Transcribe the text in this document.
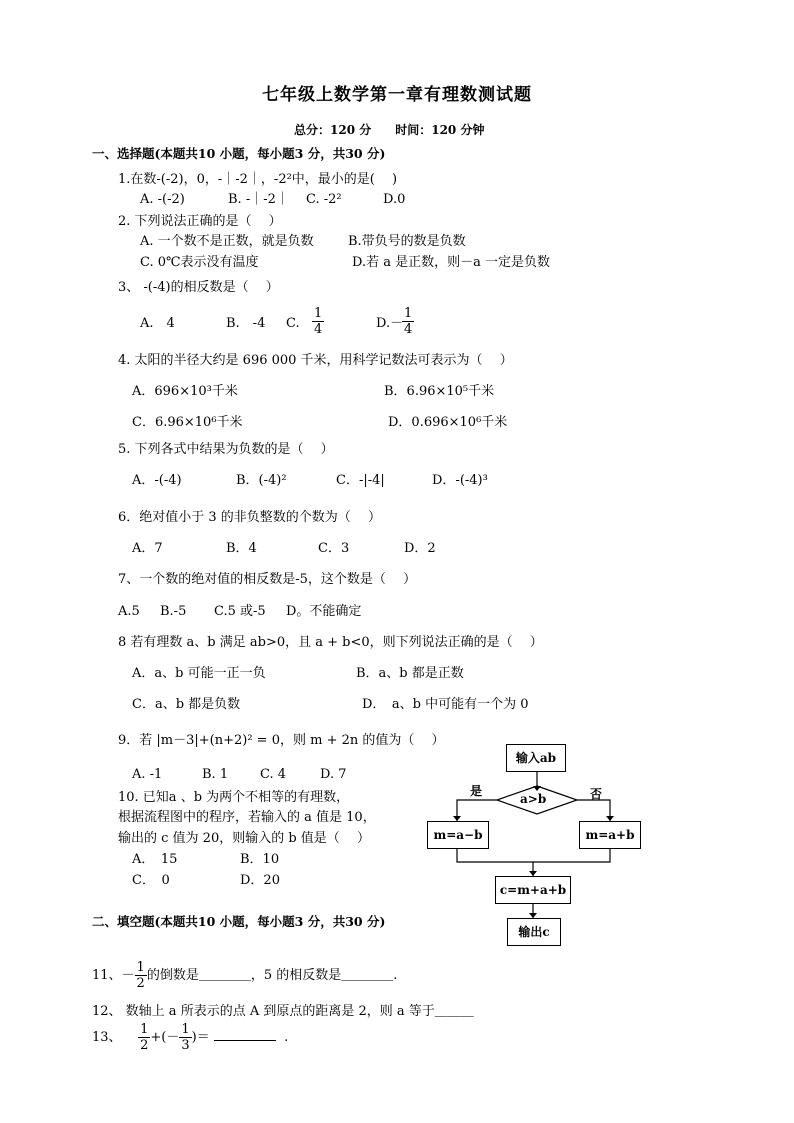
七年级上数学第一章有理数测试题
总分：120 分　　时间：120 分钟
一、选择题(本题共10 小题，每小题3 分，共30 分)
1.在数-(-2)，0，-｜-2｜，-2²中，最小的是(　 )
A. -(-2)	B. -｜-2｜ C. -2²	D.0
2. 下列说法正确的是（　 ）
A. 一个数不是正数，就是负数	B.带负号的数是负数
C. 0℃表示没有温度	D.若 a 是正数，则－a 一定是负数
3、 -(-4)的相反数是（　 ）
A.　4	B.　-4 C. $\frac{1}{4}$	D.－
$\frac{1}{4}$
4. 太阳的半径大约是 696 000 千米，用科学记数法可表示为（　 ）
A．696×10³千米	B．6.96×10⁵千米
C．6.96×10⁶千米	D．0.696×10⁶千米
5. 下列各式中结果为负数的是（　 ）
A．-(-4)	B．(-4)²	C．-|-4|	D．-(-4)³
6．绝对值小于 3 的非负整数的个数为（　 ）
A．7	B．4	C．3	D．2
7、一个数的绝对值的相反数是-5，这个数是（　 ）
A.5 B.-5 C.5 或-5 D。不能确定
8 若有理数 a、b 满足 ab>0，且 a + b<0，则下列说法正确的是（　 ）
A．a、b 可能一正一负	B．a、b 都是正数
C．a、b 都是负数	D．　a、b 中可能有一个为 0
9．若 |m－3|+(n+2)² = 0，则 m + 2n 的值为（　 ）
A. -1	B. 1 C. 4	D. 7
10. 已知a 、b 为两个不相等的有理数，
根据流程图中的程序，若输入的 a 值是 10，
输出的 c 值为 20，则输入的 b 值是（　 ）
A．　15	B．10
C．　0	D．20
输入ab
a>b
是	否
m=a−b	m=a+b
c=m+a+b
输出c
二、填空题(本题共10 小题，每小题3 分，共30 分)
11、－ $\frac{1}{2}$ 的倒数是＿＿＿＿，5 的相反数是＿＿＿＿.
12、 数轴上 a 所表示的点 A 到原点的距离是 2，则 a 等于＿＿＿
13、 $\frac{1}{2}$ +(－ $\frac{1}{3}$ )＝	.
